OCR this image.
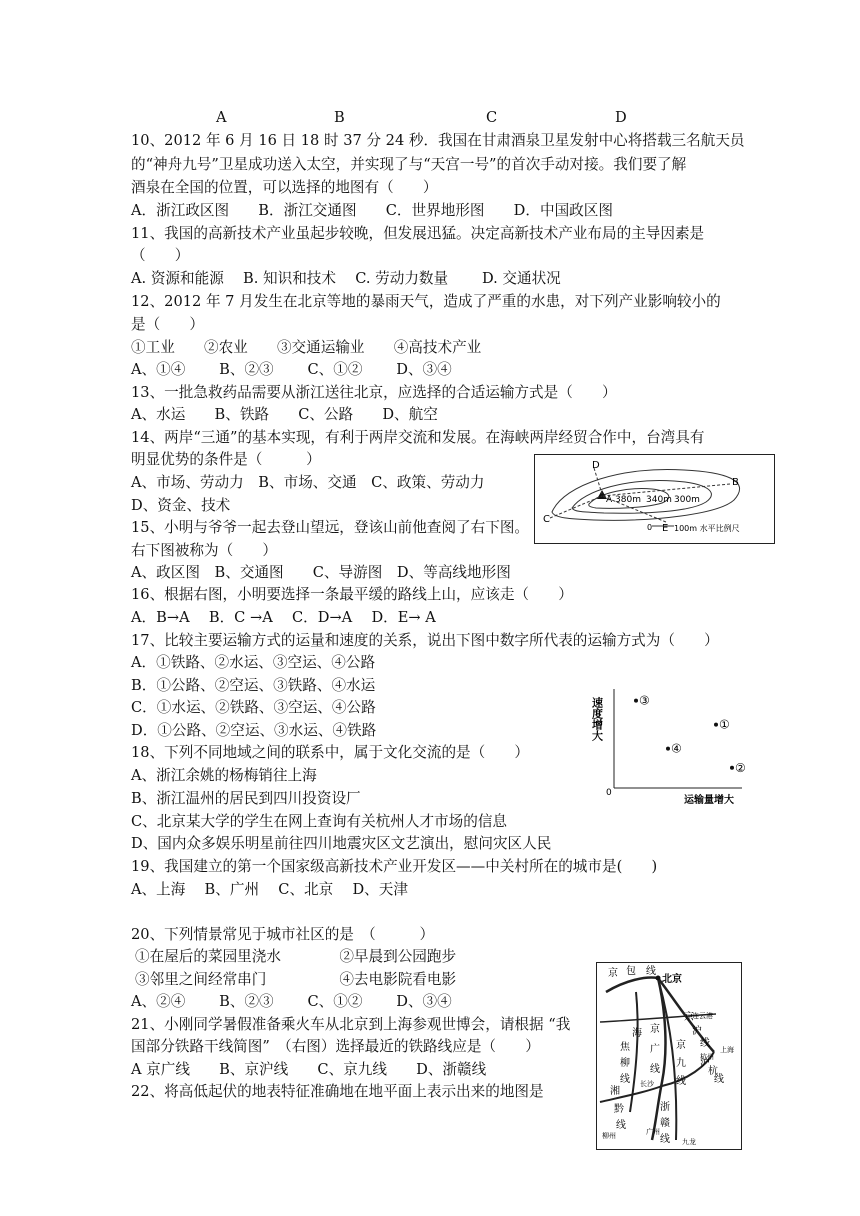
A	B	C	D
10、2012 年 6 月 16 日 18 时 37 分 24 秒．我国在甘肃酒泉卫星发射中心将搭载三名航天员
的“神舟九号”卫星成功送入太空，并实现了与“天宫一号”的首次手动对接。我们要了解
酒泉在全国的位置，可以选择的地图有（　　）
A．浙江政区图　　B．浙江交通图　　C．世界地形图　　D．中国政区图
11、我国的高新技术产业虽起步较晚，但发展迅猛。决定高新技术产业布局的主导因素是
（　　）
A. 资源和能源　 B. 知识和技术　 C. 劳动力数量　　 D. 交通状况
12、2012 年 7 月发生在北京等地的暴雨天气，造成了严重的水患，对下列产业影响较小的
是（　　）
①工业　　②农业　　③交通运输业　　④高技术产业
A、①④　　 B、②③　　 C、①②　　 D、③④
13、一批急救药品需要从浙江送往北京，应选择的合适运输方式是（　　）
A、水运　　B、铁路　　C、公路　　D、航空
14、两岸“三通”的基本实现，有利于两岸交流和发展。在海峡两岸经贸合作中，台湾具有
明显优势的条件是（　　　）
A、市场、劳动力　B、市场、交通　C、政策、劳动力
D、资金、技术
15、小明与爷爷一起去登山望远，登该山前他查阅了右下图。
右下图被称为（　　）
A、政区图　B、交通图　　C、导游图　D、等高线地形图
16、根据右图，小明要选择一条最平缓的路线上山，应该走（　　）
A．B→A　 B．C →A　 C．D→A　 D．E→ A
17、比较主要运输方式的运量和速度的关系，说出下图中数字所代表的运输方式为（　　）
A．①铁路、②水运、③空运、④公路
B．①公路、②空运、③铁路、④水运
C．①水运、②铁路、③空运、④公路
D．①公路、②空运、③水运、④铁路
18、下列不同地域之间的联系中，属于文化交流的是（　　）
A、浙江余姚的杨梅销往上海
B、浙江温州的居民到四川投资设厂
C、北京某大学的学生在网上查询有关杭州人才市场的信息
D、国内众多娱乐明星前往四川地震灾区文艺演出，慰问灾区人民
19、我国建立的第一个国家级高新技术产业开发区——中关村所在的城市是(　　)
A、上海　 B、广州　 C、北京　 D、天津
20、下列情景常见于城市社区的是　（　　　）
①在屋后的菜园里浇水　　　　②早晨到公园跑步
③邻里之间经常串门　　　　　④去电影院看电影
A、②④　　 B、②③　　 C、①②　　 D、③④
21、小刚同学暑假准备乘火车从北京到上海参观世博会，请根据 “我
国部分铁路干线简图”　（右图）选择最近的铁路线应是（　　）
A 京广线　　B、京沪线　　C、京九线　　D、浙赣线
22、将高低起伏的地表特征准确地在地平面上表示出来的地图是
D
B
C
E
A 380m 340m 300m
0	100m 水平比例尺
速度增大
0
运输量增大
③
①
④
②
京 包 线
京
沪
线
沪
杭
线
焦
柳
线
京
广
线
京
九
线
浙
赣
线
湘
黔
线
海
北京
连云港
上海
杭州
长沙
广州
九龙
柳州
